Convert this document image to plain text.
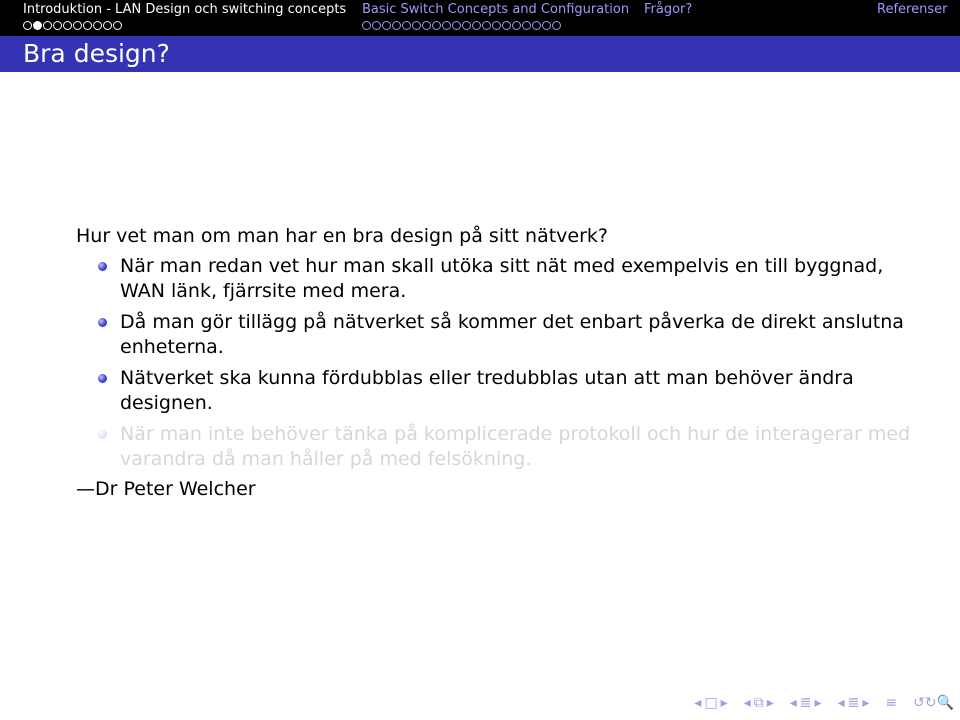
Introduktion - LAN Design och switching concepts Basic Switch Concepts and Configuration Frågor?	Referenser
Bra design?
Hur vet man om man har en bra design på sitt nätverk?
När man redan vet hur man skall utöka sitt nät med exempelvis en till byggnad, WAN länk, fjärrsite med mera.
Då man gör tillägg på nätverket så kommer det enbart påverka de direkt anslutna enheterna.
Nätverket ska kunna fördubblas eller tredubblas utan att man behöver ändra designen.
När man inte behöver tänka på komplicerade protokoll och hur de interagerar med varandra då man håller på med felsökning.
—Dr Peter Welcher
◂ □ ▸ ◂ ⧉ ▸ ◂ ≣ ▸ ◂ ≣ ▸ ≡ ↺↻🔍
